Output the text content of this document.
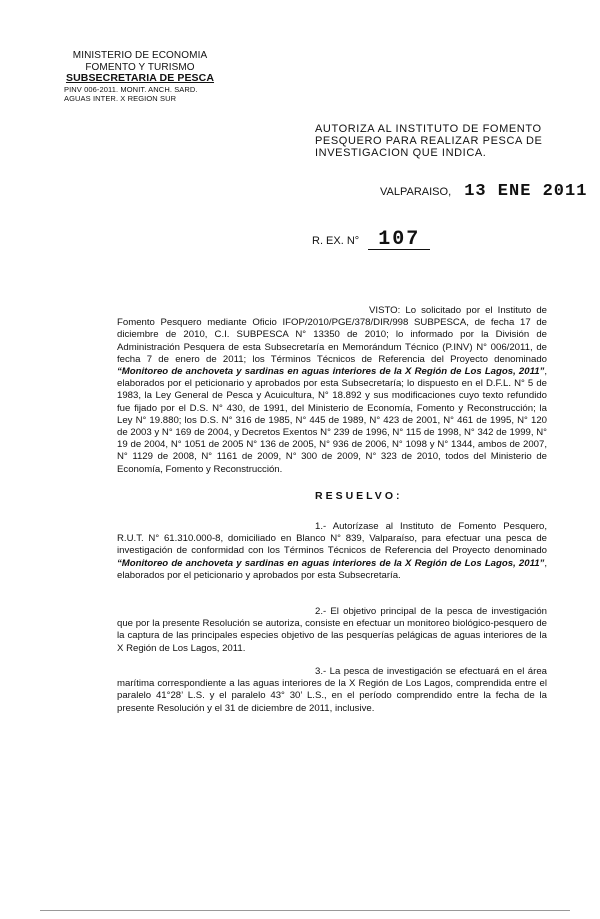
MINISTERIO DE ECONOMIA
FOMENTO Y TURISMO
SUBSECRETARIA DE PESCA
PINV 006-2011. MONIT. ANCH. SARD.
AGUAS INTER. X REGION SUR
AUTORIZA AL INSTITUTO DE FOMENTO PESQUERO PARA REALIZAR PESCA DE INVESTIGACION QUE INDICA.
VALPARAISO, 13 ENE 2011
R. EX. N° 107
VISTO: Lo solicitado por el Instituto de Fomento Pesquero mediante Oficio IFOP/2010/PGE/378/DIR/998 SUBPESCA, de fecha 17 de diciembre de 2010, C.I. SUBPESCA N° 13350 de 2010; lo informado por la División de Administración Pesquera de esta Subsecretaría en Memorándum Técnico (P.INV) N° 006/2011, de fecha 7 de enero de 2011; los Términos Técnicos de Referencia del Proyecto denominado “Monitoreo de anchoveta y sardinas en aguas interiores de la X Región de Los Lagos, 2011”, elaborados por el peticionario y aprobados por esta Subsecretaría; lo dispuesto en el D.F.L. N° 5 de 1983, la Ley General de Pesca y Acuicultura, N° 18.892 y sus modificaciones cuyo texto refundido fue fijado por el D.S. N° 430, de 1991, del Ministerio de Economía, Fomento y Reconstrucción; la Ley N° 19.880; los D.S. N° 316 de 1985, N° 445 de 1989, N° 423 de 2001, N° 461 de 1995, N° 120 de 2003 y N° 169 de 2004, y Decretos Exentos N° 239 de 1996, N° 115 de 1998, N° 342 de 1999, N° 19 de 2004, N° 1051 de 2005 N° 136 de 2005, N° 936 de 2006, N° 1098 y N° 1344, ambos de 2007, N° 1129 de 2008, N° 1161 de 2009, N° 300 de 2009, N° 323 de 2010, todos del Ministerio de Economía, Fomento y Reconstrucción.
RESUELVO:
1.- Autorízase al Instituto de Fomento Pesquero, R.U.T. N° 61.310.000-8, domiciliado en Blanco N° 839, Valparaíso, para efectuar una pesca de investigación de conformidad con los Términos Técnicos de Referencia del Proyecto denominado “Monitoreo de anchoveta y sardinas en aguas interiores de la X Región de Los Lagos, 2011”, elaborados por el peticionario y aprobados por esta Subsecretaría.
2.- El objetivo principal de la pesca de investigación que por la presente Resolución se autoriza, consiste en efectuar un monitoreo biológico-pesquero de la captura de las principales especies objetivo de las pesquerías pelágicas de aguas interiores de la X Región de Los Lagos, 2011.
3.- La pesca de investigación se efectuará en el área marítima correspondiente a las aguas interiores de la X Región de Los Lagos, comprendida entre el paralelo 41°28’ L.S. y el paralelo 43° 30’ L.S., en el período comprendido entre la fecha de la presente Resolución y el 31 de diciembre de 2011, inclusive.
